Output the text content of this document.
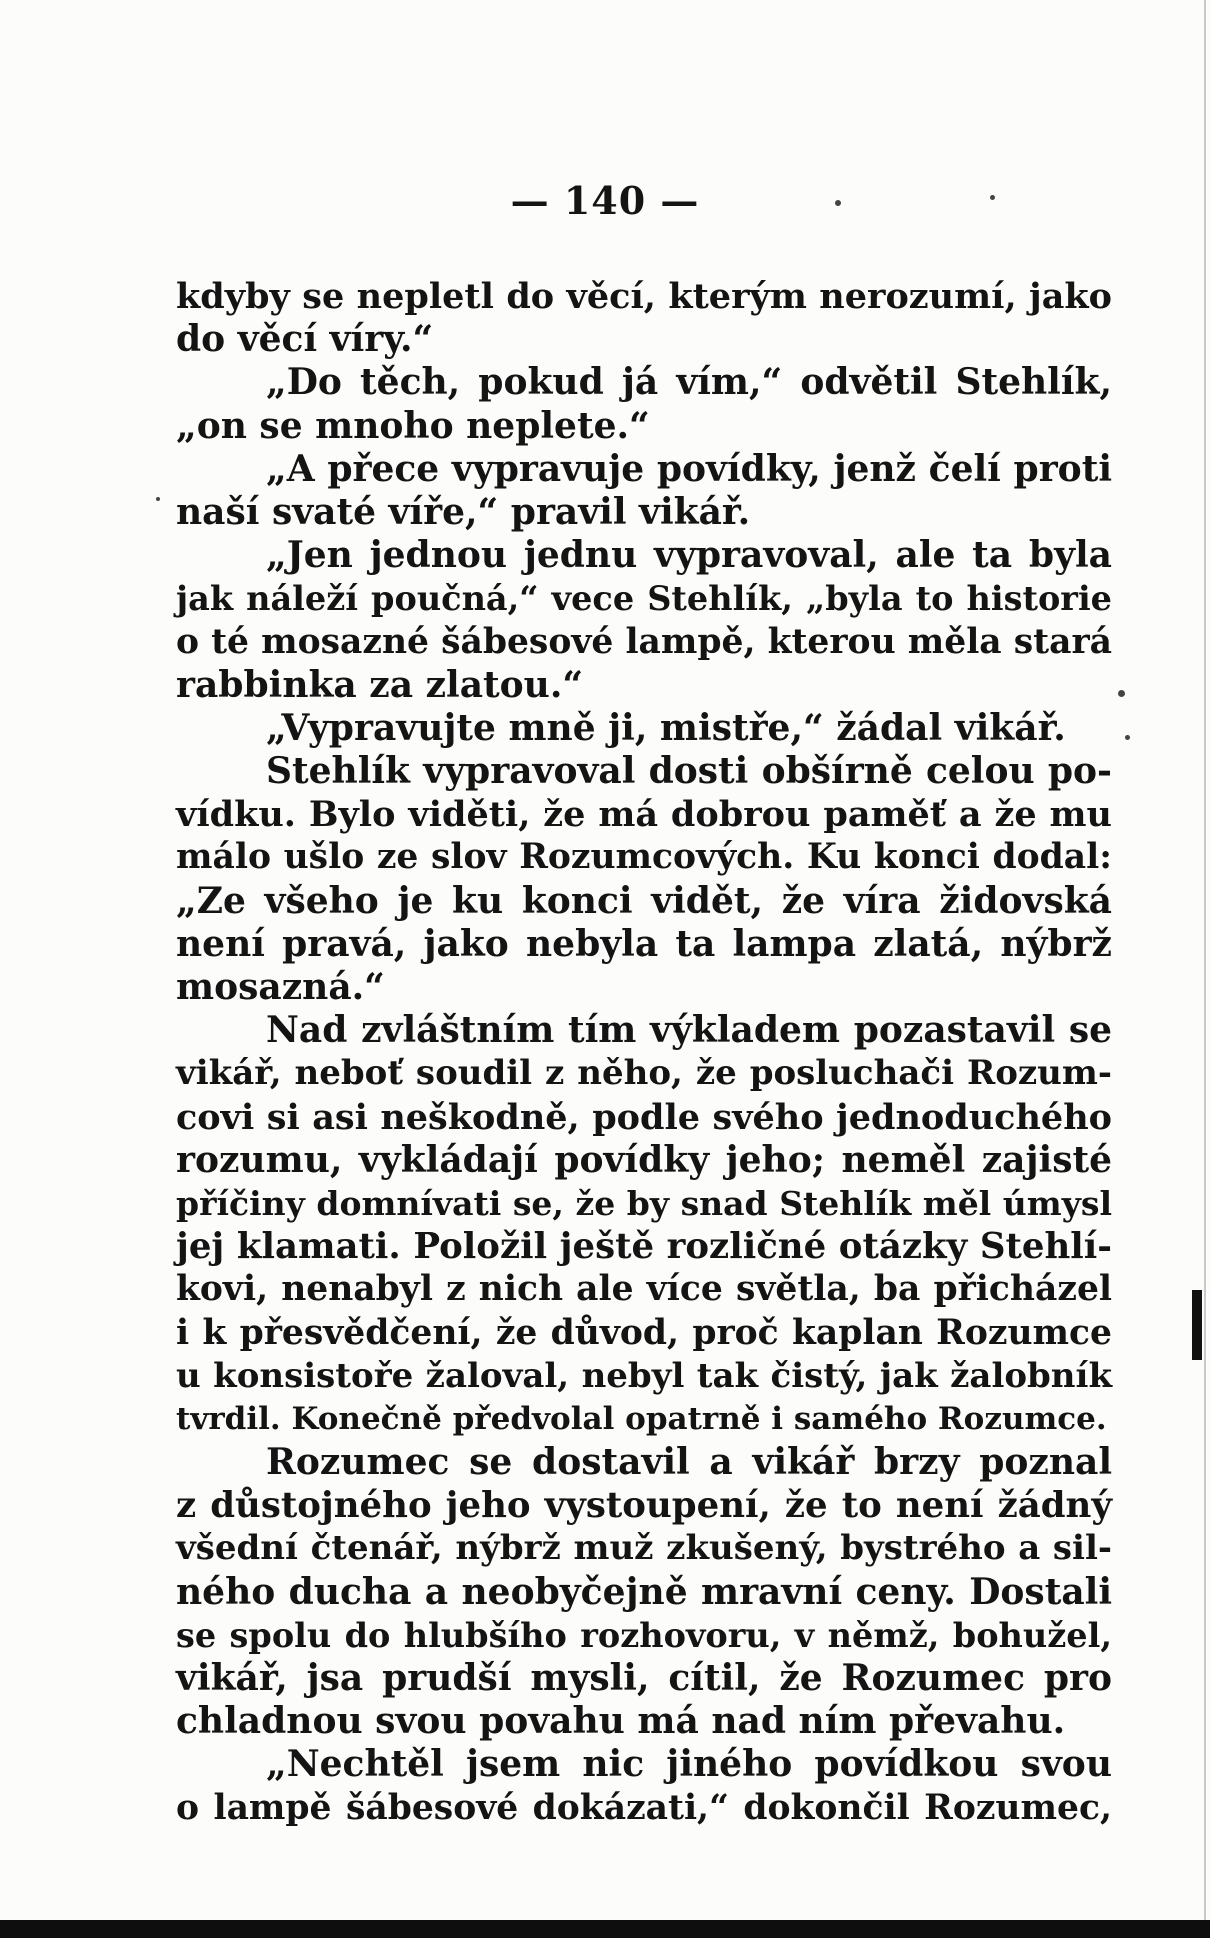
— 140 —
kdyby se nepletl do věcí, kterým nerozumí, jako
do věcí víry.“
„Do těch, pokud já vím,“ odvětil Stehlík,
„on se mnoho neplete.“
„A přece vypravuje povídky, jenž čelí proti
naší svaté víře,“ pravil vikář.
„Jen jednou jednu vypravoval, ale ta byla
jak náleží poučná,“ vece Stehlík, „byla to historie
o té mosazné šábesové lampě, kterou měla stará
rabbinka za zlatou.“
„Vypravujte mně ji, mistře,“ žádal vikář.
Stehlík vypravoval dosti obšírně celou po-
vídku. Bylo viděti, že má dobrou paměť a že mu
málo ušlo ze slov Rozumcových. Ku konci dodal:
„Ze všeho je ku konci vidět, že víra židovská
není pravá, jako nebyla ta lampa zlatá, nýbrž
mosazná.“
Nad zvláštním tím výkladem pozastavil se
vikář, neboť soudil z něho, že posluchači Rozum-
covi si asi neškodně, podle svého jednoduchého
rozumu, vykládají povídky jeho; neměl zajisté
příčiny domnívati se, že by snad Stehlík měl úmysl
jej klamati. Položil ještě rozličné otázky Stehlí-
kovi, nenabyl z nich ale více světla, ba přicházel
i k přesvědčení, že důvod, proč kaplan Rozumce
u konsistoře žaloval, nebyl tak čistý, jak žalobník
tvrdil. Konečně předvolal opatrně i samého Rozumce.
Rozumec se dostavil a vikář brzy poznal
z důstojného jeho vystoupení, že to není žádný
všední čtenář, nýbrž muž zkušený, bystrého a sil-
ného ducha a neobyčejně mravní ceny. Dostali
se spolu do hlubšího rozhovoru, v němž, bohužel,
vikář, jsa prudší mysli, cítil, že Rozumec pro
chladnou svou povahu má nad ním převahu.
„Nechtěl jsem nic jiného povídkou svou
o lampě šábesové dokázati,“ dokončil Rozumec,
